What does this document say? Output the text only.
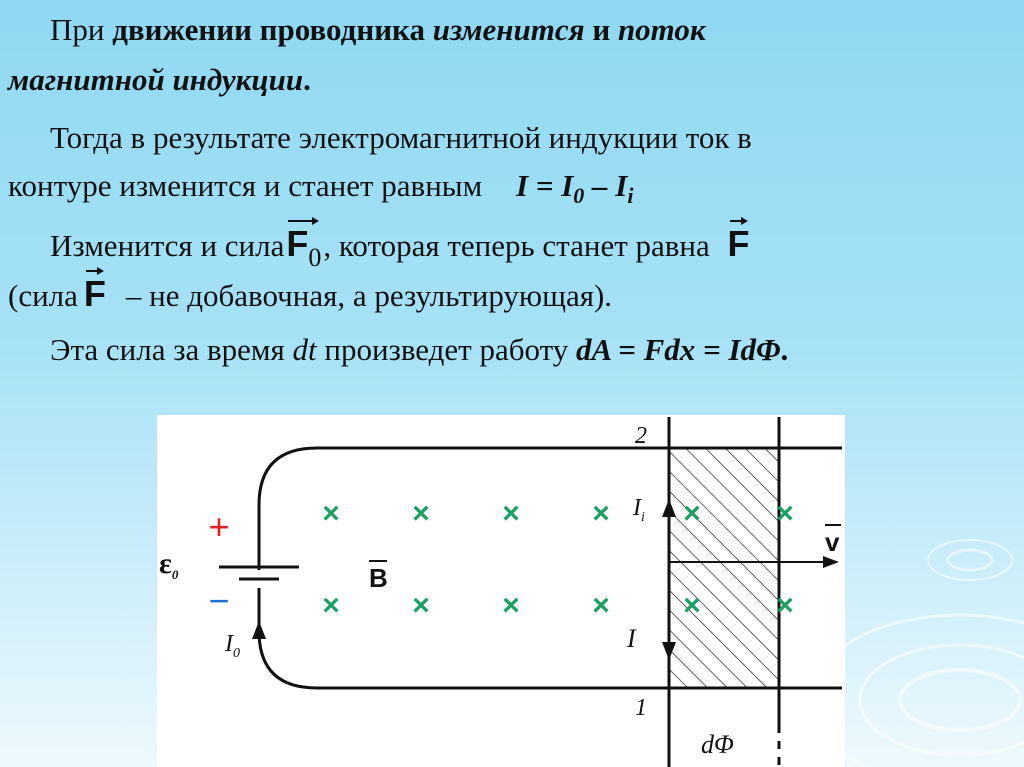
При движении проводника изменится и поток
магнитной индукции.
Тогда в результате электромагнитной индукции ток в
контуре изменится и станет равным $I = I_0 - I_i$
Изменится и сила
$F_0$, которая теперь станет равна F
(сила F – не добавочная, а результирующая).
Эта сила за время dt произведет работу dA = Fdx = IdΦ.
× × × × ×	×
× × × × ×	×
+
−
$\varepsilon_0$
$I_0$
B
$I_i$
I
v
2
1
dΦ
